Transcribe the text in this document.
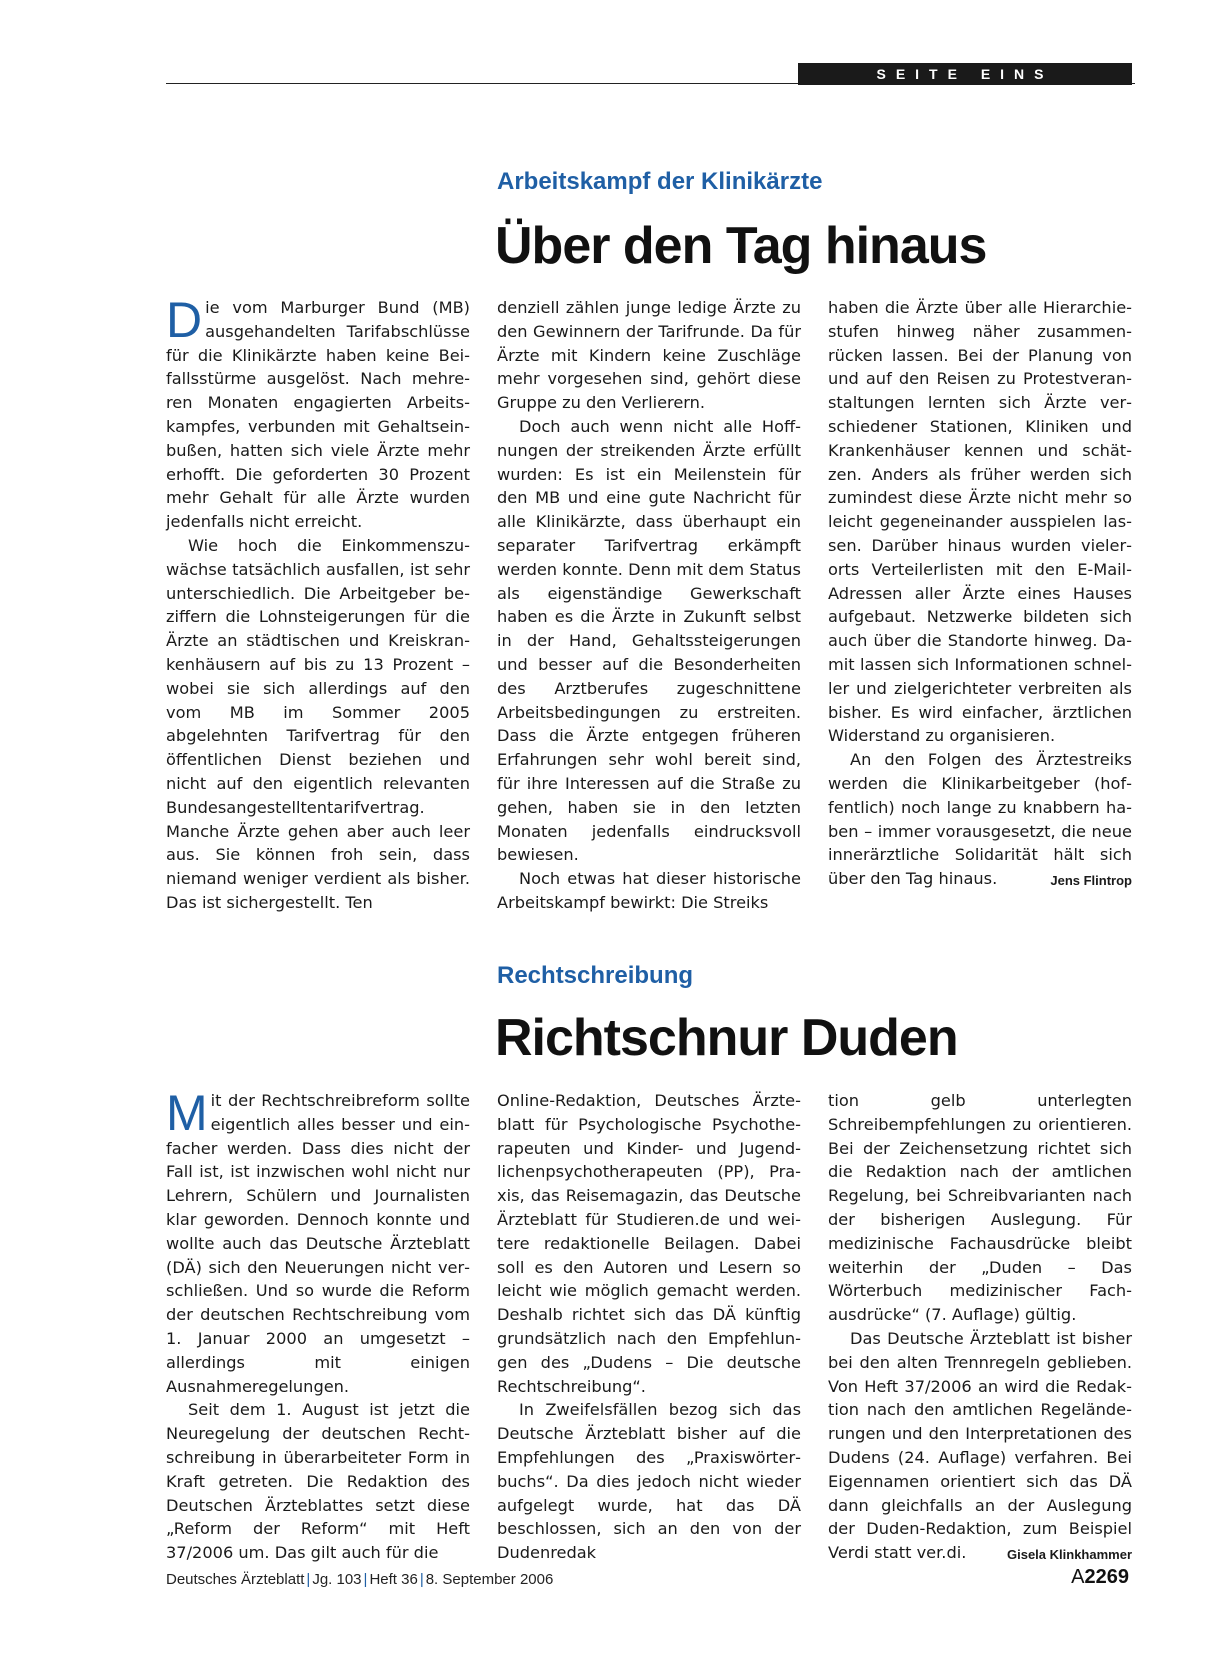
SEITE EINS
Arbeitskampf der Klinikärzte
Über den Tag hinaus

Die vom Marburger Bund (MB) ausgehandelten Tarifabschlüsse für die Klinikärzte haben keine Beifallsstürme ausgelöst. Nach mehreren Monaten engagierten Arbeitskampfes, verbunden mit Gehaltseinbußen, hatten sich viele Ärzte mehr erhofft. Die geforderten 30 Prozent mehr Gehalt für alle Ärzte wurden jedenfalls nicht erreicht.

Wie hoch die Einkommenszuwächse tatsächlich ausfallen, ist sehr unterschiedlich. Die Arbeitgeber beziffern die Lohnsteigerungen für die Ärzte an städtischen und Kreiskrankenhäusern auf bis zu 13 Prozent – wobei sie sich allerdings auf den vom MB im Sommer 2005 abgelehnten Tarifvertrag für den öffentlichen Dienst beziehen und nicht auf den eigentlich relevanten Bundesangestelltentarifvertrag. Manche Ärzte gehen aber auch leer aus. Sie können froh sein, dass niemand weniger verdient als bisher. Das ist sichergestellt. Ten

denziell zählen junge ledige Ärzte zu den Gewinnern der Tarifrunde. Da für Ärzte mit Kindern keine Zuschläge mehr vorgesehen sind, gehört diese Gruppe zu den Verlierern.

Doch auch wenn nicht alle Hoffnungen der streikenden Ärzte erfüllt wurden: Es ist ein Meilenstein für den MB und eine gute Nachricht für alle Klinikärzte, dass überhaupt ein separater Tarifvertrag erkämpft werden konnte. Denn mit dem Status als eigenständige Gewerkschaft haben es die Ärzte in Zukunft selbst in der Hand, Gehaltssteigerungen und besser auf die Besonderheiten des Arztberufes zugeschnittene Arbeitsbedingungen zu erstreiten. Dass die Ärzte entgegen früheren Erfahrungen sehr wohl bereit sind, für ihre Interessen auf die Straße zu gehen, haben sie in den letzten Monaten jedenfalls eindrucksvoll bewiesen.

Noch etwas hat dieser historische Arbeitskampf bewirkt: Die Streiks

haben die Ärzte über alle Hierarchiestufen hinweg näher zusammenrücken lassen. Bei der Planung von und auf den Reisen zu Protestveranstaltungen lernten sich Ärzte verschiedener Stationen, Kliniken und Krankenhäuser kennen und schätzen. Anders als früher werden sich zumindest diese Ärzte nicht mehr so leicht gegeneinander ausspielen lassen. Darüber hinaus wurden vielerorts Verteilerlisten mit den E-Mail-Adressen aller Ärzte eines Hauses aufgebaut. Netzwerke bildeten sich auch über die Standorte hinweg. Damit lassen sich Informationen schneller und zielgerichteter verbreiten als bisher. Es wird einfacher, ärztlichen Widerstand zu organisieren.

An den Folgen des Ärztestreiks werden die Klinikarbeitgeber (hoffentlich) noch lange zu knabbern haben – immer vorausgesetzt, die neue innerärztliche Solidarität hält sich über den Tag hinaus.	Jens Flintrop

Rechtschreibung
Richtschnur Duden

Mit der Rechtschreibreform sollte eigentlich alles besser und einfacher werden. Dass dies nicht der Fall ist, ist inzwischen wohl nicht nur Lehrern, Schülern und Journalisten klar geworden. Dennoch konnte und wollte auch das Deutsche Ärzteblatt (DÄ) sich den Neuerungen nicht verschließen. Und so wurde die Reform der deutschen Rechtschreibung vom 1. Januar 2000 an umgesetzt – allerdings mit einigen Ausnahmeregelungen.

Seit dem 1. August ist jetzt die Neuregelung der deutschen Rechtschreibung in überarbeiteter Form in Kraft getreten. Die Redaktion des Deutschen Ärzteblattes setzt diese „Reform der Reform“ mit Heft 37/2006 um. Das gilt auch für die

Online-Redaktion, Deutsches Ärzteblatt für Psychologische Psychotherapeuten und Kinder- und Jugendlichenpsychotherapeuten (PP), Praxis, das Reisemagazin, das Deutsche Ärzteblatt für Studieren.de und weitere redaktionelle Beilagen. Dabei soll es den Autoren und Lesern so leicht wie möglich gemacht werden. Deshalb richtet sich das DÄ künftig grundsätzlich nach den Empfehlungen des „Dudens – Die deutsche Rechtschreibung“.

In Zweifelsfällen bezog sich das Deutsche Ärzteblatt bisher auf die Empfehlungen des „Praxiswörterbuchs“. Da dies jedoch nicht wieder aufgelegt wurde, hat das DÄ beschlossen, sich an den von der Dudenredak

tion gelb unterlegten Schreibempfehlungen zu orientieren. Bei der Zeichensetzung richtet sich die Redaktion nach der amtlichen Regelung, bei Schreibvarianten nach der bisherigen Auslegung. Für medizinische Fachausdrücke bleibt weiterhin der „Duden – Das Wörterbuch medizinischer Fachausdrücke“ (7. Auflage) gültig.

Das Deutsche Ärzteblatt ist bisher bei den alten Trennregeln geblieben. Von Heft 37/2006 an wird die Redaktion nach den amtlichen Regeländerungen und den Interpretationen des Dudens (24. Auflage) verfahren. Bei Eigennamen orientiert sich das DÄ dann gleichfalls an der Auslegung der Duden-Redaktion, zum Beispiel Verdi statt ver.di.	Gisela Klinkhammer

Deutsches Ärzteblatt | Jg. 103 | Heft 36 | 8. September 2006	A2269
